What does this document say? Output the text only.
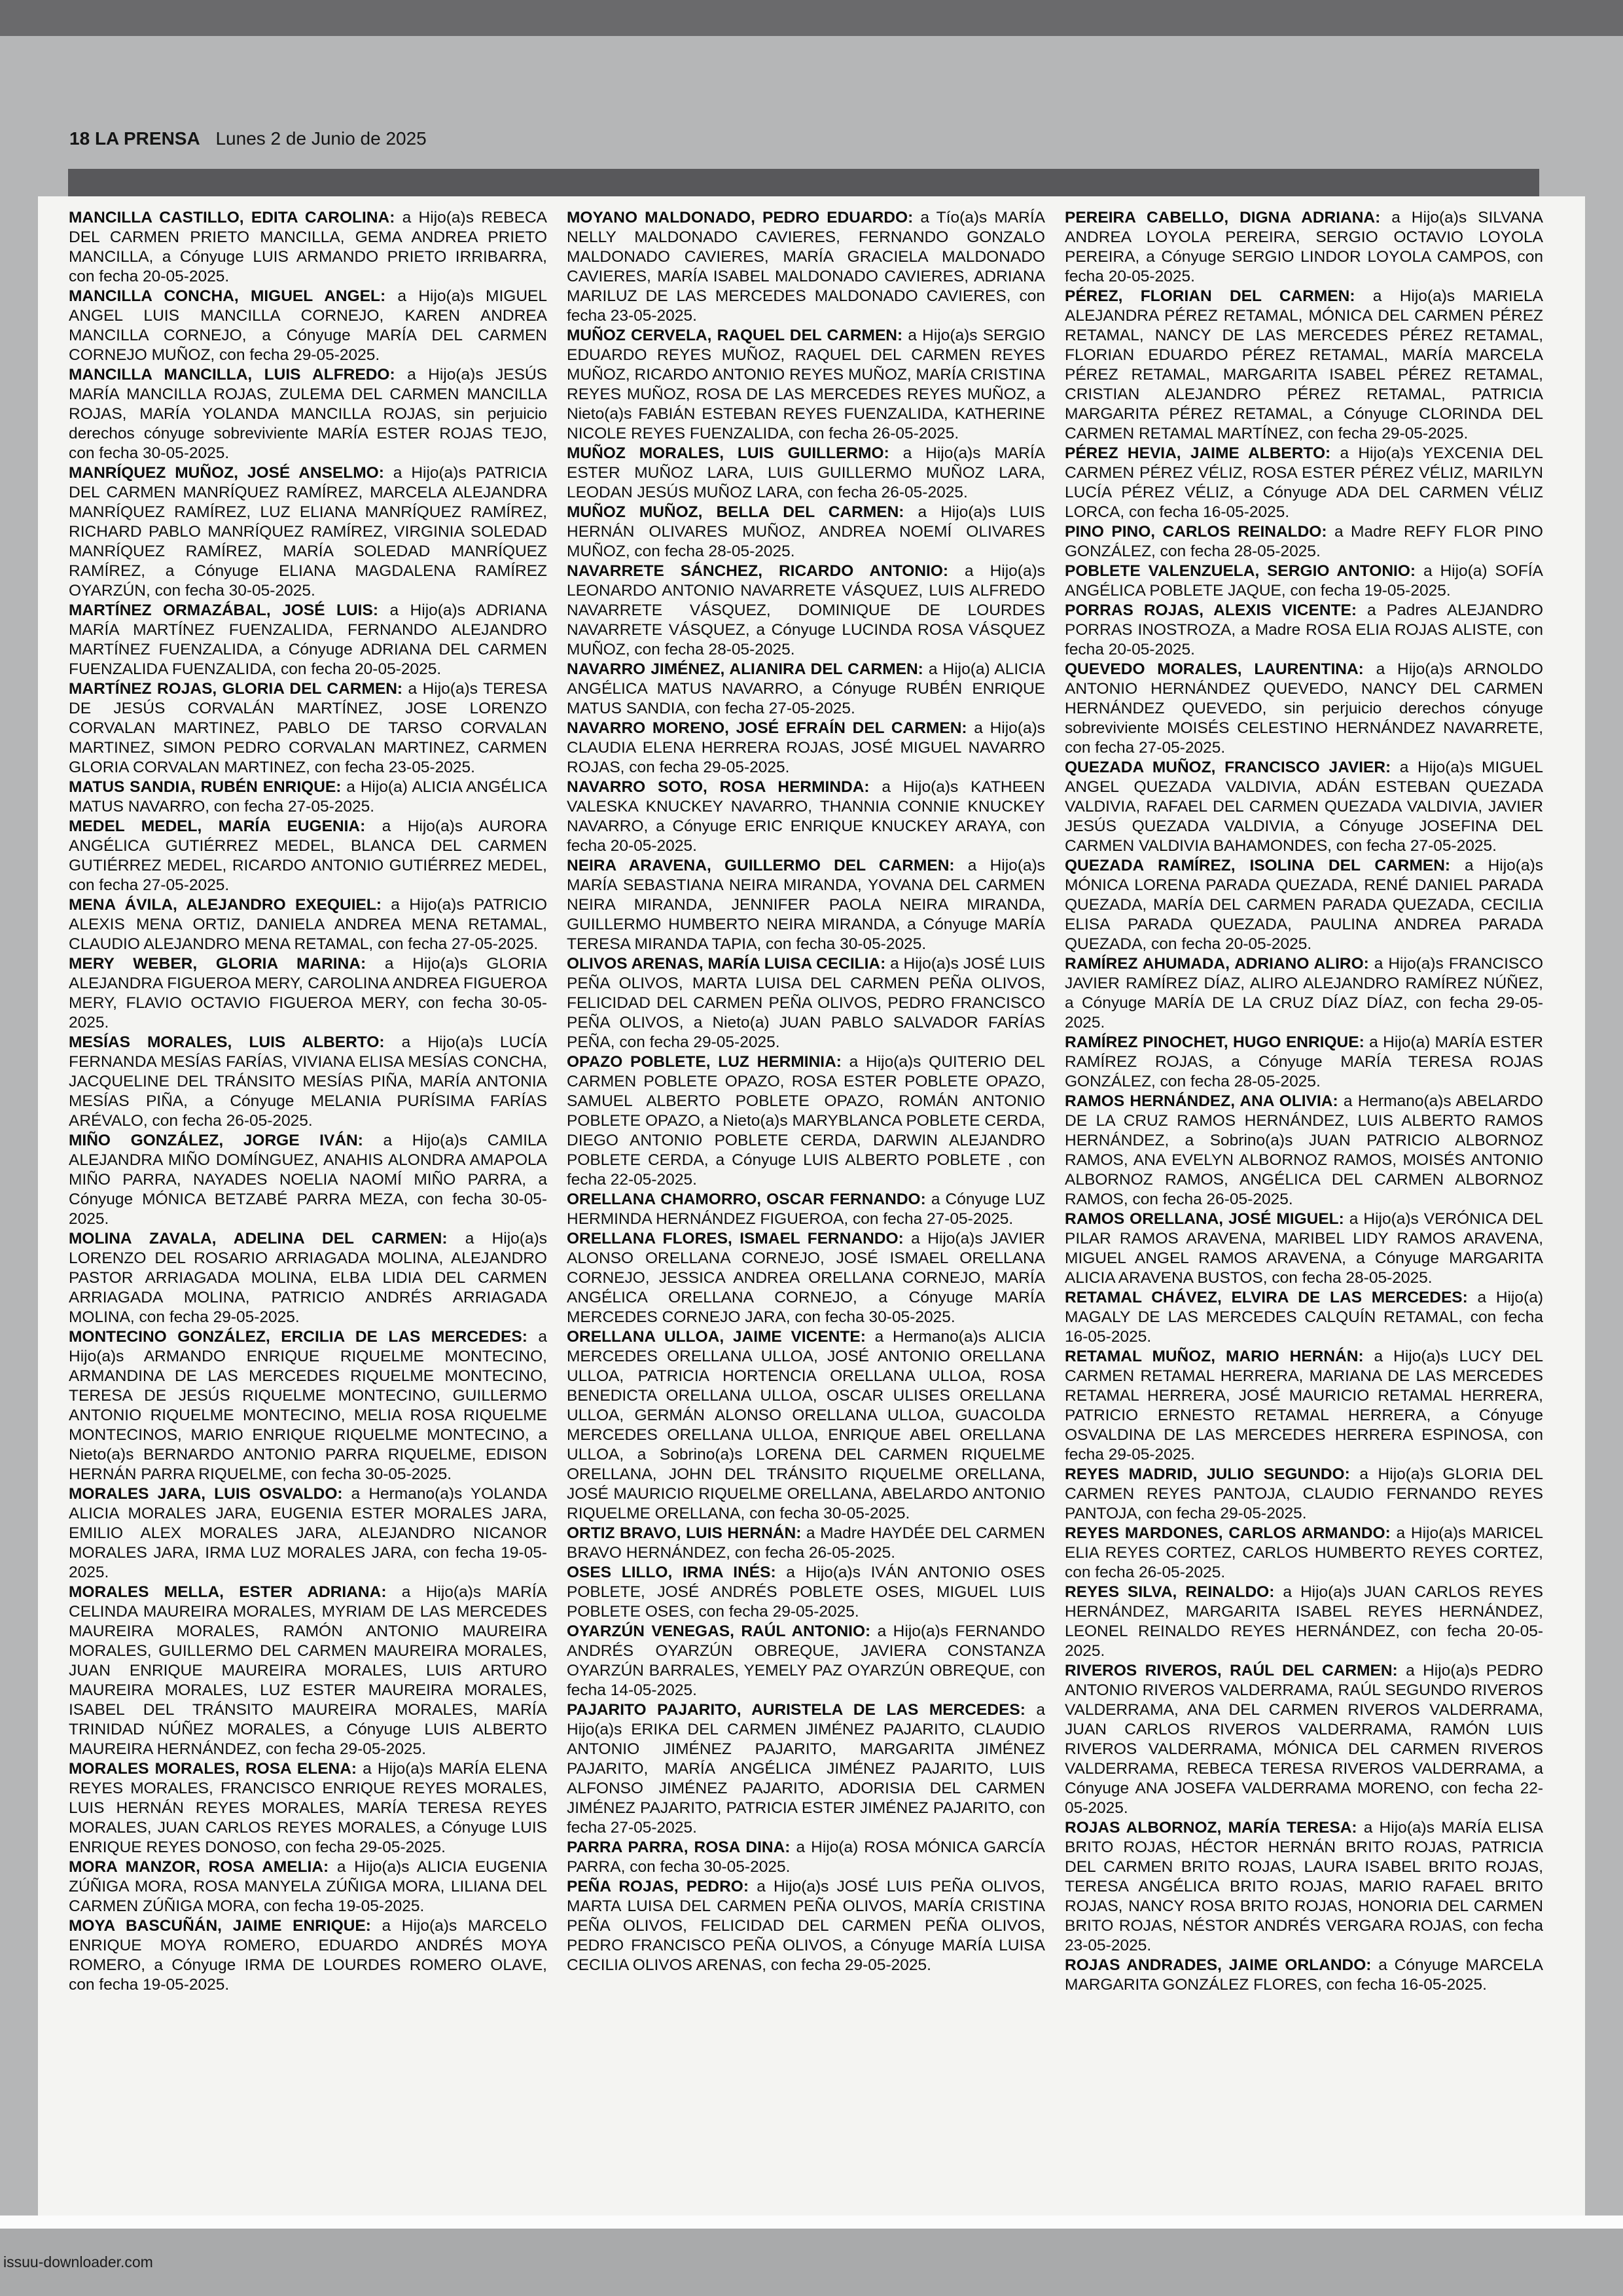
18 LA PRENSA Lunes 2 de Junio de 2025

MANCILLA CASTILLO, EDITA CAROLINA: a Hijo(a)s REBECA DEL CARMEN PRIETO MANCILLA, GEMA ANDREA PRIETO MANCILLA, a Cónyuge LUIS ARMANDO PRIETO IRRIBARRA, con fecha 20-05-2025.

MANCILLA CONCHA, MIGUEL ANGEL: a Hijo(a)s MIGUEL ANGEL LUIS MANCILLA CORNEJO, KAREN ANDREA MANCILLA CORNEJO, a Cónyuge MARÍA DEL CARMEN CORNEJO MUÑOZ, con fecha 29-05-2025.

MANCILLA MANCILLA, LUIS ALFREDO: a Hijo(a)s JESÚS MARÍA MANCILLA ROJAS, ZULEMA DEL CARMEN MANCILLA ROJAS, MARÍA YOLANDA MANCILLA ROJAS, sin perjuicio derechos cónyuge sobreviviente MARÍA ESTER ROJAS TEJO, con fecha 30-05-2025.

MANRÍQUEZ MUÑOZ, JOSÉ ANSELMO: a Hijo(a)s PATRICIA DEL CARMEN MANRÍQUEZ RAMÍREZ, MARCELA ALEJANDRA MANRÍQUEZ RAMÍREZ, LUZ ELIANA MANRÍQUEZ RAMÍREZ, RICHARD PABLO MANRÍQUEZ RAMÍREZ, VIRGINIA SOLEDAD MANRÍQUEZ RAMÍREZ, MARÍA SOLEDAD MANRÍQUEZ RAMÍREZ, a Cónyuge ELIANA MAGDALENA RAMÍREZ OYARZÚN, con fecha 30-05-2025.

MARTÍNEZ ORMAZÁBAL, JOSÉ LUIS: a Hijo(a)s ADRIANA MARÍA MARTÍNEZ FUENZALIDA, FERNANDO ALEJANDRO MARTÍNEZ FUENZALIDA, a Cónyuge ADRIANA DEL CARMEN FUENZALIDA FUENZALIDA, con fecha 20-05-2025.

MARTÍNEZ ROJAS, GLORIA DEL CARMEN: a Hijo(a)s TERESA DE JESÚS CORVALÁN MARTÍNEZ, JOSE LORENZO CORVALAN MARTINEZ, PABLO DE TARSO CORVALAN MARTINEZ, SIMON PEDRO CORVALAN MARTINEZ, CARMEN GLORIA CORVALAN MARTINEZ, con fecha 23-05-2025.

MATUS SANDIA, RUBÉN ENRIQUE: a Hijo(a) ALICIA ANGÉLICA MATUS NAVARRO, con fecha 27-05-2025.

MEDEL MEDEL, MARÍA EUGENIA: a Hijo(a)s AURORA ANGÉLICA GUTIÉRREZ MEDEL, BLANCA DEL CARMEN GUTIÉRREZ MEDEL, RICARDO ANTONIO GUTIÉRREZ MEDEL, con fecha 27-05-2025.

MENA ÁVILA, ALEJANDRO EXEQUIEL: a Hijo(a)s PATRICIO ALEXIS MENA ORTIZ, DANIELA ANDREA MENA RETAMAL, CLAUDIO ALEJANDRO MENA RETAMAL, con fecha 27-05-2025.

MERY WEBER, GLORIA MARINA: a Hijo(a)s GLORIA ALEJANDRA FIGUEROA MERY, CAROLINA ANDREA FIGUEROA MERY, FLAVIO OCTAVIO FIGUEROA MERY, con fecha 30-05-2025.

MESÍAS MORALES, LUIS ALBERTO: a Hijo(a)s LUCÍA FERNANDA MESÍAS FARÍAS, VIVIANA ELISA MESÍAS CONCHA, JACQUELINE DEL TRÁNSITO MESÍAS PIÑA, MARÍA ANTONIA MESÍAS PIÑA, a Cónyuge MELANIA PURÍSIMA FARÍAS ARÉVALO, con fecha 26-05-2025.

MIÑO GONZÁLEZ, JORGE IVÁN: a Hijo(a)s CAMILA ALEJANDRA MIÑO DOMÍNGUEZ, ANAHIS ALONDRA AMAPOLA MIÑO PARRA, NAYADES NOELIA NAOMÍ MIÑO PARRA, a Cónyuge MÓNICA BETZABÉ PARRA MEZA, con fecha 30-05-2025.

MOLINA ZAVALA, ADELINA DEL CARMEN: a Hijo(a)s LORENZO DEL ROSARIO ARRIAGADA MOLINA, ALEJANDRO PASTOR ARRIAGADA MOLINA, ELBA LIDIA DEL CARMEN ARRIAGADA MOLINA, PATRICIO ANDRÉS ARRIAGADA MOLINA, con fecha 29-05-2025.

MONTECINO GONZÁLEZ, ERCILIA DE LAS MERCEDES: a Hijo(a)s ARMANDO ENRIQUE RIQUELME MONTECINO, ARMANDINA DE LAS MERCEDES RIQUELME MONTECINO, TERESA DE JESÚS RIQUELME MONTECINO, GUILLERMO ANTONIO RIQUELME MONTECINO, MELIA ROSA RIQUELME MONTECINOS, MARIO ENRIQUE RIQUELME MONTECINO, a Nieto(a)s BERNARDO ANTONIO PARRA RIQUELME, EDISON HERNÁN PARRA RIQUELME, con fecha 30-05-2025.

MORALES JARA, LUIS OSVALDO: a Hermano(a)s YOLANDA ALICIA MORALES JARA, EUGENIA ESTER MORALES JARA, EMILIO ALEX MORALES JARA, ALEJANDRO NICANOR MORALES JARA, IRMA LUZ MORALES JARA, con fecha 19-05-2025.

MORALES MELLA, ESTER ADRIANA: a Hijo(a)s MARÍA CELINDA MAUREIRA MORALES, MYRIAM DE LAS MERCEDES MAUREIRA MORALES, RAMÓN ANTONIO MAUREIRA MORALES, GUILLERMO DEL CARMEN MAUREIRA MORALES, JUAN ENRIQUE MAUREIRA MORALES, LUIS ARTURO MAUREIRA MORALES, LUZ ESTER MAUREIRA MORALES, ISABEL DEL TRÁNSITO MAUREIRA MORALES, MARÍA TRINIDAD NÚÑEZ MORALES, a Cónyuge LUIS ALBERTO MAUREIRA HERNÁNDEZ, con fecha 29-05-2025.

MORALES MORALES, ROSA ELENA: a Hijo(a)s MARÍA ELENA REYES MORALES, FRANCISCO ENRIQUE REYES MORALES, LUIS HERNÁN REYES MORALES, MARÍA TERESA REYES MORALES, JUAN CARLOS REYES MORALES, a Cónyuge LUIS ENRIQUE REYES DONOSO, con fecha 29-05-2025.

MORA MANZOR, ROSA AMELIA: a Hijo(a)s ALICIA EUGENIA ZÚÑIGA MORA, ROSA MANYELA ZÚÑIGA MORA, LILIANA DEL CARMEN ZÚÑIGA MORA, con fecha 19-05-2025.

MOYA BASCUÑÁN, JAIME ENRIQUE: a Hijo(a)s MARCELO ENRIQUE MOYA ROMERO, EDUARDO ANDRÉS MOYA ROMERO, a Cónyuge IRMA DE LOURDES ROMERO OLAVE, con fecha 19-05-2025.

MOYANO MALDONADO, PEDRO EDUARDO: a Tío(a)s MARÍA NELLY MALDONADO CAVIERES, FERNANDO GONZALO MALDONADO CAVIERES, MARÍA GRACIELA MALDONADO CAVIERES, MARÍA ISABEL MALDONADO CAVIERES, ADRIANA MARILUZ DE LAS MERCEDES MALDONADO CAVIERES, con fecha 23-05-2025.

MUÑOZ CERVELA, RAQUEL DEL CARMEN: a Hijo(a)s SERGIO EDUARDO REYES MUÑOZ, RAQUEL DEL CARMEN REYES MUÑOZ, RICARDO ANTONIO REYES MUÑOZ, MARÍA CRISTINA REYES MUÑOZ, ROSA DE LAS MERCEDES REYES MUÑOZ, a Nieto(a)s FABIÁN ESTEBAN REYES FUENZALIDA, KATHERINE NICOLE REYES FUENZALIDA, con fecha 26-05-2025.

MUÑOZ MORALES, LUIS GUILLERMO: a Hijo(a)s MARÍA ESTER MUÑOZ LARA, LUIS GUILLERMO MUÑOZ LARA, LEODAN JESÚS MUÑOZ LARA, con fecha 26-05-2025.

MUÑOZ MUÑOZ, BELLA DEL CARMEN: a Hijo(a)s LUIS HERNÁN OLIVARES MUÑOZ, ANDREA NOEMÍ OLIVARES MUÑOZ, con fecha 28-05-2025.

NAVARRETE SÁNCHEZ, RICARDO ANTONIO: a Hijo(a)s LEONARDO ANTONIO NAVARRETE VÁSQUEZ, LUIS ALFREDO NAVARRETE VÁSQUEZ, DOMINIQUE DE LOURDES NAVARRETE VÁSQUEZ, a Cónyuge LUCINDA ROSA VÁSQUEZ MUÑOZ, con fecha 28-05-2025.

NAVARRO JIMÉNEZ, ALIANIRA DEL CARMEN: a Hijo(a) ALICIA ANGÉLICA MATUS NAVARRO, a Cónyuge RUBÉN ENRIQUE MATUS SANDIA, con fecha 27-05-2025.

NAVARRO MORENO, JOSÉ EFRAÍN DEL CARMEN: a Hijo(a)s CLAUDIA ELENA HERRERA ROJAS, JOSÉ MIGUEL NAVARRO ROJAS, con fecha 29-05-2025.

NAVARRO SOTO, ROSA HERMINDA: a Hijo(a)s KATHEEN VALESKA KNUCKEY NAVARRO, THANNIA CONNIE KNUCKEY NAVARRO, a Cónyuge ERIC ENRIQUE KNUCKEY ARAYA, con fecha 20-05-2025.

NEIRA ARAVENA, GUILLERMO DEL CARMEN: a Hijo(a)s MARÍA SEBASTIANA NEIRA MIRANDA, YOVANA DEL CARMEN NEIRA MIRANDA, JENNIFER PAOLA NEIRA MIRANDA, GUILLERMO HUMBERTO NEIRA MIRANDA, a Cónyuge MARÍA TERESA MIRANDA TAPIA, con fecha 30-05-2025.

OLIVOS ARENAS, MARÍA LUISA CECILIA: a Hijo(a)s JOSÉ LUIS PEÑA OLIVOS, MARTA LUISA DEL CARMEN PEÑA OLIVOS, FELICIDAD DEL CARMEN PEÑA OLIVOS, PEDRO FRANCISCO PEÑA OLIVOS, a Nieto(a) JUAN PABLO SALVADOR FARÍAS PEÑA, con fecha 29-05-2025.

OPAZO POBLETE, LUZ HERMINIA: a Hijo(a)s QUITERIO DEL CARMEN POBLETE OPAZO, ROSA ESTER POBLETE OPAZO, SAMUEL ALBERTO POBLETE OPAZO, ROMÁN ANTONIO POBLETE OPAZO, a Nieto(a)s MARYBLANCA POBLETE CERDA, DIEGO ANTONIO POBLETE CERDA, DARWIN ALEJANDRO POBLETE CERDA, a Cónyuge LUIS ALBERTO POBLETE , con fecha 22-05-2025.

ORELLANA CHAMORRO, OSCAR FERNANDO: a Cónyuge LUZ HERMINDA HERNÁNDEZ FIGUEROA, con fecha 27-05-2025.

ORELLANA FLORES, ISMAEL FERNANDO: a Hijo(a)s JAVIER ALONSO ORELLANA CORNEJO, JOSÉ ISMAEL ORELLANA CORNEJO, JESSICA ANDREA ORELLANA CORNEJO, MARÍA ANGÉLICA ORELLANA CORNEJO, a Cónyuge MARÍA MERCEDES CORNEJO JARA, con fecha 30-05-2025.

ORELLANA ULLOA, JAIME VICENTE: a Hermano(a)s ALICIA MERCEDES ORELLANA ULLOA, JOSÉ ANTONIO ORELLANA ULLOA, PATRICIA HORTENCIA ORELLANA ULLOA, ROSA BENEDICTA ORELLANA ULLOA, OSCAR ULISES ORELLANA ULLOA, GERMÁN ALONSO ORELLANA ULLOA, GUACOLDA MERCEDES ORELLANA ULLOA, ENRIQUE ABEL ORELLANA ULLOA, a Sobrino(a)s LORENA DEL CARMEN RIQUELME ORELLANA, JOHN DEL TRÁNSITO RIQUELME ORELLANA, JOSÉ MAURICIO RIQUELME ORELLANA, ABELARDO ANTONIO RIQUELME ORELLANA, con fecha 30-05-2025.

ORTIZ BRAVO, LUIS HERNÁN: a Madre HAYDÉE DEL CARMEN BRAVO HERNÁNDEZ, con fecha 26-05-2025.

OSES LILLO, IRMA INÉS: a Hijo(a)s IVÁN ANTONIO OSES POBLETE, JOSÉ ANDRÉS POBLETE OSES, MIGUEL LUIS POBLETE OSES, con fecha 29-05-2025.

OYARZÚN VENEGAS, RAÚL ANTONIO: a Hijo(a)s FERNANDO ANDRÉS OYARZÚN OBREQUE, JAVIERA CONSTANZA OYARZÚN BARRALES, YEMELY PAZ OYARZÚN OBREQUE, con fecha 14-05-2025.

PAJARITO PAJARITO, AURISTELA DE LAS MERCEDES: a Hijo(a)s ERIKA DEL CARMEN JIMÉNEZ PAJARITO, CLAUDIO ANTONIO JIMÉNEZ PAJARITO, MARGARITA JIMÉNEZ PAJARITO, MARÍA ANGÉLICA JIMÉNEZ PAJARITO, LUIS ALFONSO JIMÉNEZ PAJARITO, ADORISIA DEL CARMEN JIMÉNEZ PAJARITO, PATRICIA ESTER JIMÉNEZ PAJARITO, con fecha 27-05-2025.

PARRA PARRA, ROSA DINA: a Hijo(a) ROSA MÓNICA GARCÍA PARRA, con fecha 30-05-2025.

PEÑA ROJAS, PEDRO: a Hijo(a)s JOSÉ LUIS PEÑA OLIVOS, MARTA LUISA DEL CARMEN PEÑA OLIVOS, MARÍA CRISTINA PEÑA OLIVOS, FELICIDAD DEL CARMEN PEÑA OLIVOS, PEDRO FRANCISCO PEÑA OLIVOS, a Cónyuge MARÍA LUISA CECILIA OLIVOS ARENAS, con fecha 29-05-2025.

PEREIRA CABELLO, DIGNA ADRIANA: a Hijo(a)s SILVANA ANDREA LOYOLA PEREIRA, SERGIO OCTAVIO LOYOLA PEREIRA, a Cónyuge SERGIO LINDOR LOYOLA CAMPOS, con fecha 20-05-2025.

PÉREZ, FLORIAN DEL CARMEN: a Hijo(a)s MARIELA ALEJANDRA PÉREZ RETAMAL, MÓNICA DEL CARMEN PÉREZ RETAMAL, NANCY DE LAS MERCEDES PÉREZ RETAMAL, FLORIAN EDUARDO PÉREZ RETAMAL, MARÍA MARCELA PÉREZ RETAMAL, MARGARITA ISABEL PÉREZ RETAMAL, CRISTIAN ALEJANDRO PÉREZ RETAMAL, PATRICIA MARGARITA PÉREZ RETAMAL, a Cónyuge CLORINDA DEL CARMEN RETAMAL MARTÍNEZ, con fecha 29-05-2025.

PÉREZ HEVIA, JAIME ALBERTO: a Hijo(a)s YEXCENIA DEL CARMEN PÉREZ VÉLIZ, ROSA ESTER PÉREZ VÉLIZ, MARILYN LUCÍA PÉREZ VÉLIZ, a Cónyuge ADA DEL CARMEN VÉLIZ LORCA, con fecha 16-05-2025.

PINO PINO, CARLOS REINALDO: a Madre REFY FLOR PINO GONZÁLEZ, con fecha 28-05-2025.

POBLETE VALENZUELA, SERGIO ANTONIO: a Hijo(a) SOFÍA ANGÉLICA POBLETE JAQUE, con fecha 19-05-2025.

PORRAS ROJAS, ALEXIS VICENTE: a Padres ALEJANDRO PORRAS INOSTROZA, a Madre ROSA ELIA ROJAS ALISTE, con fecha 20-05-2025.

QUEVEDO MORALES, LAURENTINA: a Hijo(a)s ARNOLDO ANTONIO HERNÁNDEZ QUEVEDO, NANCY DEL CARMEN HERNÁNDEZ QUEVEDO, sin perjuicio derechos cónyuge sobreviviente MOISÉS CELESTINO HERNÁNDEZ NAVARRETE, con fecha 27-05-2025.

QUEZADA MUÑOZ, FRANCISCO JAVIER: a Hijo(a)s MIGUEL ANGEL QUEZADA VALDIVIA, ADÁN ESTEBAN QUEZADA VALDIVIA, RAFAEL DEL CARMEN QUEZADA VALDIVIA, JAVIER JESÚS QUEZADA VALDIVIA, a Cónyuge JOSEFINA DEL CARMEN VALDIVIA BAHAMONDES, con fecha 27-05-2025.

QUEZADA RAMÍREZ, ISOLINA DEL CARMEN: a Hijo(a)s MÓNICA LORENA PARADA QUEZADA, RENÉ DANIEL PARADA QUEZADA, MARÍA DEL CARMEN PARADA QUEZADA, CECILIA ELISA PARADA QUEZADA, PAULINA ANDREA PARADA QUEZADA, con fecha 20-05-2025.

RAMÍREZ AHUMADA, ADRIANO ALIRO: a Hijo(a)s FRANCISCO JAVIER RAMÍREZ DÍAZ, ALIRO ALEJANDRO RAMÍREZ NÚÑEZ, a Cónyuge MARÍA DE LA CRUZ DÍAZ DÍAZ, con fecha 29-05-2025.

RAMÍREZ PINOCHET, HUGO ENRIQUE: a Hijo(a) MARÍA ESTER RAMÍREZ ROJAS, a Cónyuge MARÍA TERESA ROJAS GONZÁLEZ, con fecha 28-05-2025.

RAMOS HERNÁNDEZ, ANA OLIVIA: a Hermano(a)s ABELARDO DE LA CRUZ RAMOS HERNÁNDEZ, LUIS ALBERTO RAMOS HERNÁNDEZ, a Sobrino(a)s JUAN PATRICIO ALBORNOZ RAMOS, ANA EVELYN ALBORNOZ RAMOS, MOISÉS ANTONIO ALBORNOZ RAMOS, ANGÉLICA DEL CARMEN ALBORNOZ RAMOS, con fecha 26-05-2025.

RAMOS ORELLANA, JOSÉ MIGUEL: a Hijo(a)s VERÓNICA DEL PILAR RAMOS ARAVENA, MARIBEL LIDY RAMOS ARAVENA, MIGUEL ANGEL RAMOS ARAVENA, a Cónyuge MARGARITA ALICIA ARAVENA BUSTOS, con fecha 28-05-2025.

RETAMAL CHÁVEZ, ELVIRA DE LAS MERCEDES: a Hijo(a) MAGALY DE LAS MERCEDES CALQUÍN RETAMAL, con fecha 16-05-2025.

RETAMAL MUÑOZ, MARIO HERNÁN: a Hijo(a)s LUCY DEL CARMEN RETAMAL HERRERA, MARIANA DE LAS MERCEDES RETAMAL HERRERA, JOSÉ MAURICIO RETAMAL HERRERA, PATRICIO ERNESTO RETAMAL HERRERA, a Cónyuge OSVALDINA DE LAS MERCEDES HERRERA ESPINOSA, con fecha 29-05-2025.

REYES MADRID, JULIO SEGUNDO: a Hijo(a)s GLORIA DEL CARMEN REYES PANTOJA, CLAUDIO FERNANDO REYES PANTOJA, con fecha 29-05-2025.

REYES MARDONES, CARLOS ARMANDO: a Hijo(a)s MARICEL ELIA REYES CORTEZ, CARLOS HUMBERTO REYES CORTEZ, con fecha 26-05-2025.

REYES SILVA, REINALDO: a Hijo(a)s JUAN CARLOS REYES HERNÁNDEZ, MARGARITA ISABEL REYES HERNÁNDEZ, LEONEL REINALDO REYES HERNÁNDEZ, con fecha 20-05-2025.

RIVEROS RIVEROS, RAÚL DEL CARMEN: a Hijo(a)s PEDRO ANTONIO RIVEROS VALDERRAMA, RAÚL SEGUNDO RIVEROS VALDERRAMA, ANA DEL CARMEN RIVEROS VALDERRAMA, JUAN CARLOS RIVEROS VALDERRAMA, RAMÓN LUIS RIVEROS VALDERRAMA, MÓNICA DEL CARMEN RIVEROS VALDERRAMA, REBECA TERESA RIVEROS VALDERRAMA, a Cónyuge ANA JOSEFA VALDERRAMA MORENO, con fecha 22-05-2025.

ROJAS ALBORNOZ, MARÍA TERESA: a Hijo(a)s MARÍA ELISA BRITO ROJAS, HÉCTOR HERNÁN BRITO ROJAS, PATRICIA DEL CARMEN BRITO ROJAS, LAURA ISABEL BRITO ROJAS, TERESA ANGÉLICA BRITO ROJAS, MARIO RAFAEL BRITO ROJAS, NANCY ROSA BRITO ROJAS, HONORIA DEL CARMEN BRITO ROJAS, NÉSTOR ANDRÉS VERGARA ROJAS, con fecha 23-05-2025.

ROJAS ANDRADES, JAIME ORLANDO: a Cónyuge MARCELA MARGARITA GONZÁLEZ FLORES, con fecha 16-05-2025.

issuu-downloader.com
